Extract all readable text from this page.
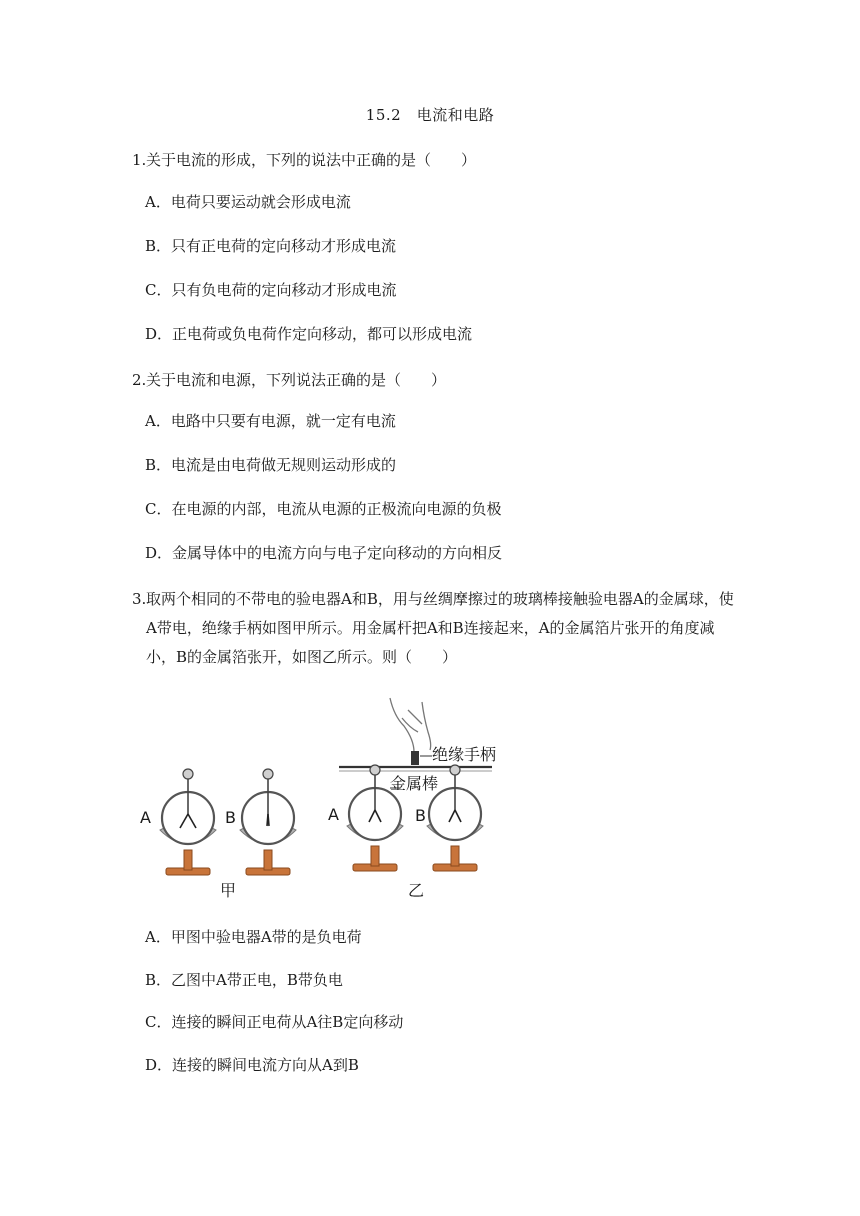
15.2　电流和电路
1. 关于电流的形成，下列的说法中正确的是（　　）
A．电荷只要运动就会形成电流
B．只有正电荷的定向移动才形成电流
C．只有负电荷的定向移动才形成电流
D．正电荷或负电荷作定向移动，都可以形成电流
2. 关于电流和电源，下列说法正确的是（　　）
A．电路中只要有电源，就一定有电流
B．电流是由电荷做无规则运动形成的
C．在电源的内部，电流从电源的正极流向电源的负极
D．金属导体中的电流方向与电子定向移动的方向相反
3. 取两个相同的不带电的验电器A和B，用与丝绸摩擦过的玻璃棒接触验电器A的金属球，使A带电，绝缘手柄如图甲所示。用金属杆把A和B连接起来，A的金属箔片张开的角度减小，B的金属箔张开，如图乙所示。则（　　）
A	B
甲
绝缘手柄
金属棒
A	B
乙
A．甲图中验电器A带的是负电荷
B．乙图中A带正电，B带负电
C．连接的瞬间正电荷从A往B定向移动
D．连接的瞬间电流方向从A到B
